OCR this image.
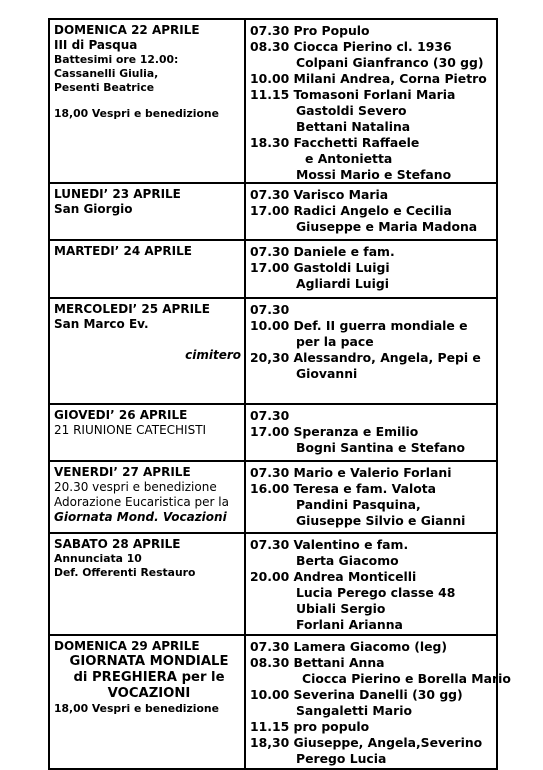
DOMENICA 22 APRILE
III di Pasqua
Battesimi ore 12.00:
Cassanelli Giulia,
Pesenti Beatrice
18,00 Vespri e benedizione
07.30 Pro Populo
08.30 Ciocca Pierino cl. 1936
Colpani Gianfranco (30 gg)
10.00 Milani Andrea, Corna Pietro
11.15 Tomasoni Forlani Maria
Gastoldi Severo
Bettani Natalina
18.30 Facchetti Raffaele
e Antonietta
Mossi Mario e Stefano
LUNEDI’ 23 APRILE
San Giorgio
07.30 Varisco Maria
17.00 Radici Angelo e Cecilia
Giuseppe e Maria Madona
MARTEDI’ 24 APRILE	07.30 Daniele e fam.
17.00 Gastoldi Luigi
Agliardi Luigi
MERCOLEDI’ 25 APRILE
San Marco Ev.
cimitero
07.30
10.00 Def. II guerra mondiale e
per la pace
20,30 Alessandro, Angela, Pepi e
Giovanni
GIOVEDI’ 26 APRILE
21 RIUNIONE CATECHISTI
07.30
17.00 Speranza e Emilio
Bogni Santina e Stefano
VENERDI’ 27 APRILE
20.30 vespri e benedizione
Adorazione Eucaristica per la
Giornata Mond. Vocazioni
07.30 Mario e Valerio Forlani
16.00 Teresa e fam. Valota
Pandini Pasquina,
Giuseppe Silvio e Gianni
SABATO 28 APRILE
Annunciata 10
Def. Offerenti Restauro
07.30 Valentino e fam.
Berta Giacomo
20.00 Andrea Monticelli
Lucia Perego classe 48
Ubiali Sergio
Forlani Arianna
DOMENICA 29 APRILE
GIORNATA MONDIALE
di PREGHIERA per le
VOCAZIONI
18,00 Vespri e benedizione
07.30 Lamera Giacomo (leg)
08.30 Bettani Anna
Ciocca Pierino e Borella Mario
10.00 Severina Danelli (30 gg)
Sangaletti Mario
11.15 pro populo
18,30 Giuseppe, Angela,Severino
Perego Lucia
